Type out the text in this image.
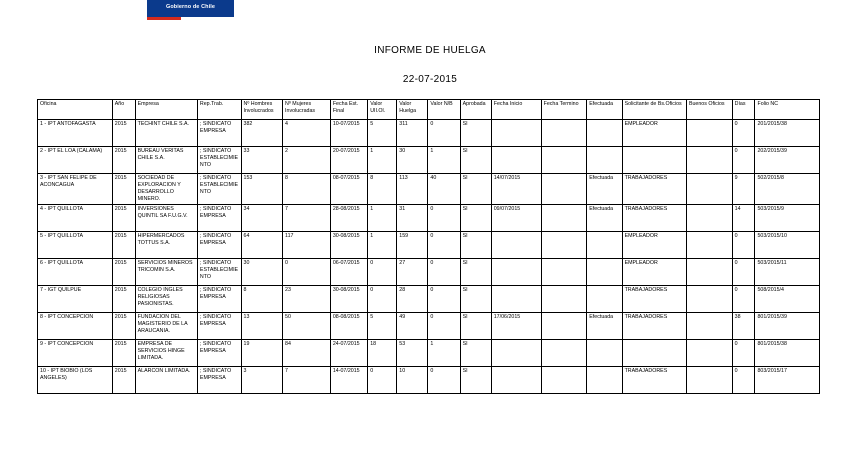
Gobierno de Chile
INFORME DE HUELGA
22-07-2015
Oficina	Año	Empresa	Rep.Trab.	Nº Hombres Involucrados	Nº Mujeres Involucradas	Fecha Est. Final	Valor UII.Ol.	Valor Huelga	Valor N/B	Aprobada	Fecha Inicio	Fecha Termino	Efectuada	Solicitante de Bs.Oficios	Buenos Oficios	Días	Folio NC
1 - IPT ANTOFAGASTA	2015	TECHINT CHILE S.A.	; SINDICATO EMPRESA	382	4	10-07/2015	5	311	0	SI				EMPLEADOR		0	201/2015/38
2 - IPT EL LOA (CALAMA)	2015	BUREAU VERITAS CHILE S.A.	; SINDICATO ESTABLECIMIENTO	33	2	20-07/2015	1	30	1	SI						0	202/2015/39
3 - IPT SAN FELIPE DE ACONCAGUA	2015	SOCIEDAD DE EXPLORACION Y DESARROLLO MINERO.	; SINDICATO ESTABLECIMIENTO	153	8	08-07/2015	8	113	40	SI	14/07/2015		Efectuada	TRABAJADORES		9	502/2015/8
4 - IPT QUILLOTA	2015	INVERSIONES QUINTIL SA F.U.G.V.	; SINDICATO EMPRESA	34	7	28-08/2015	1	31	0	SI	09/07/2015		Efectuada	TRABAJADORES		14	503/2015/9
5 - IPT QUILLOTA	2015	HIPERMERCADOS TOTTUS S.A.	; SINDICATO EMPRESA	64	117	30-08/2015	1	159	0	SI				EMPLEADOR		0	503/2015/10
6 - IPT QUILLOTA	2015	SERVICIOS MINEROS TRICOMIN S.A.	; SINDICATO ESTABLECIMIENTO	30	0	06-07/2015	0	27	0	SI				EMPLEADOR		0	503/2015/11
7 - IGT QUILPUE	2015	COLEGIO INGLES RELIGIOSAS PASIONISTAS.	; SINDICATO EMPRESA	8	23	30-08/2015	0	28	0	SI				TRABAJADORES		0	508/2015/4
8 - IPT CONCEPCION	2015	FUNDACION DEL MAGISTERIO DE LA ARAUCANIA.	; SINDICATO EMPRESA	13	50	08-08/2015	5	49	0	SI	17/06/2015		Efectuada	TRABAJADORES		38	801/2015/39
9 - IPT CONCEPCION	2015	EMPRESA DE SERVICIOS HINGE LIMITADA.	; SINDICATO EMPRESA	19	84	24-07/2015	18	53	1	SI						0	801/2015/38
10 - IPT BIOBIO (LOS ANGELES)	2015	ALARCON LIMITADA.	; SINDICATO EMPRESA	3	7	14-07/2015	0	10	0	SI				TRABAJADORES		0	803/2015/17
